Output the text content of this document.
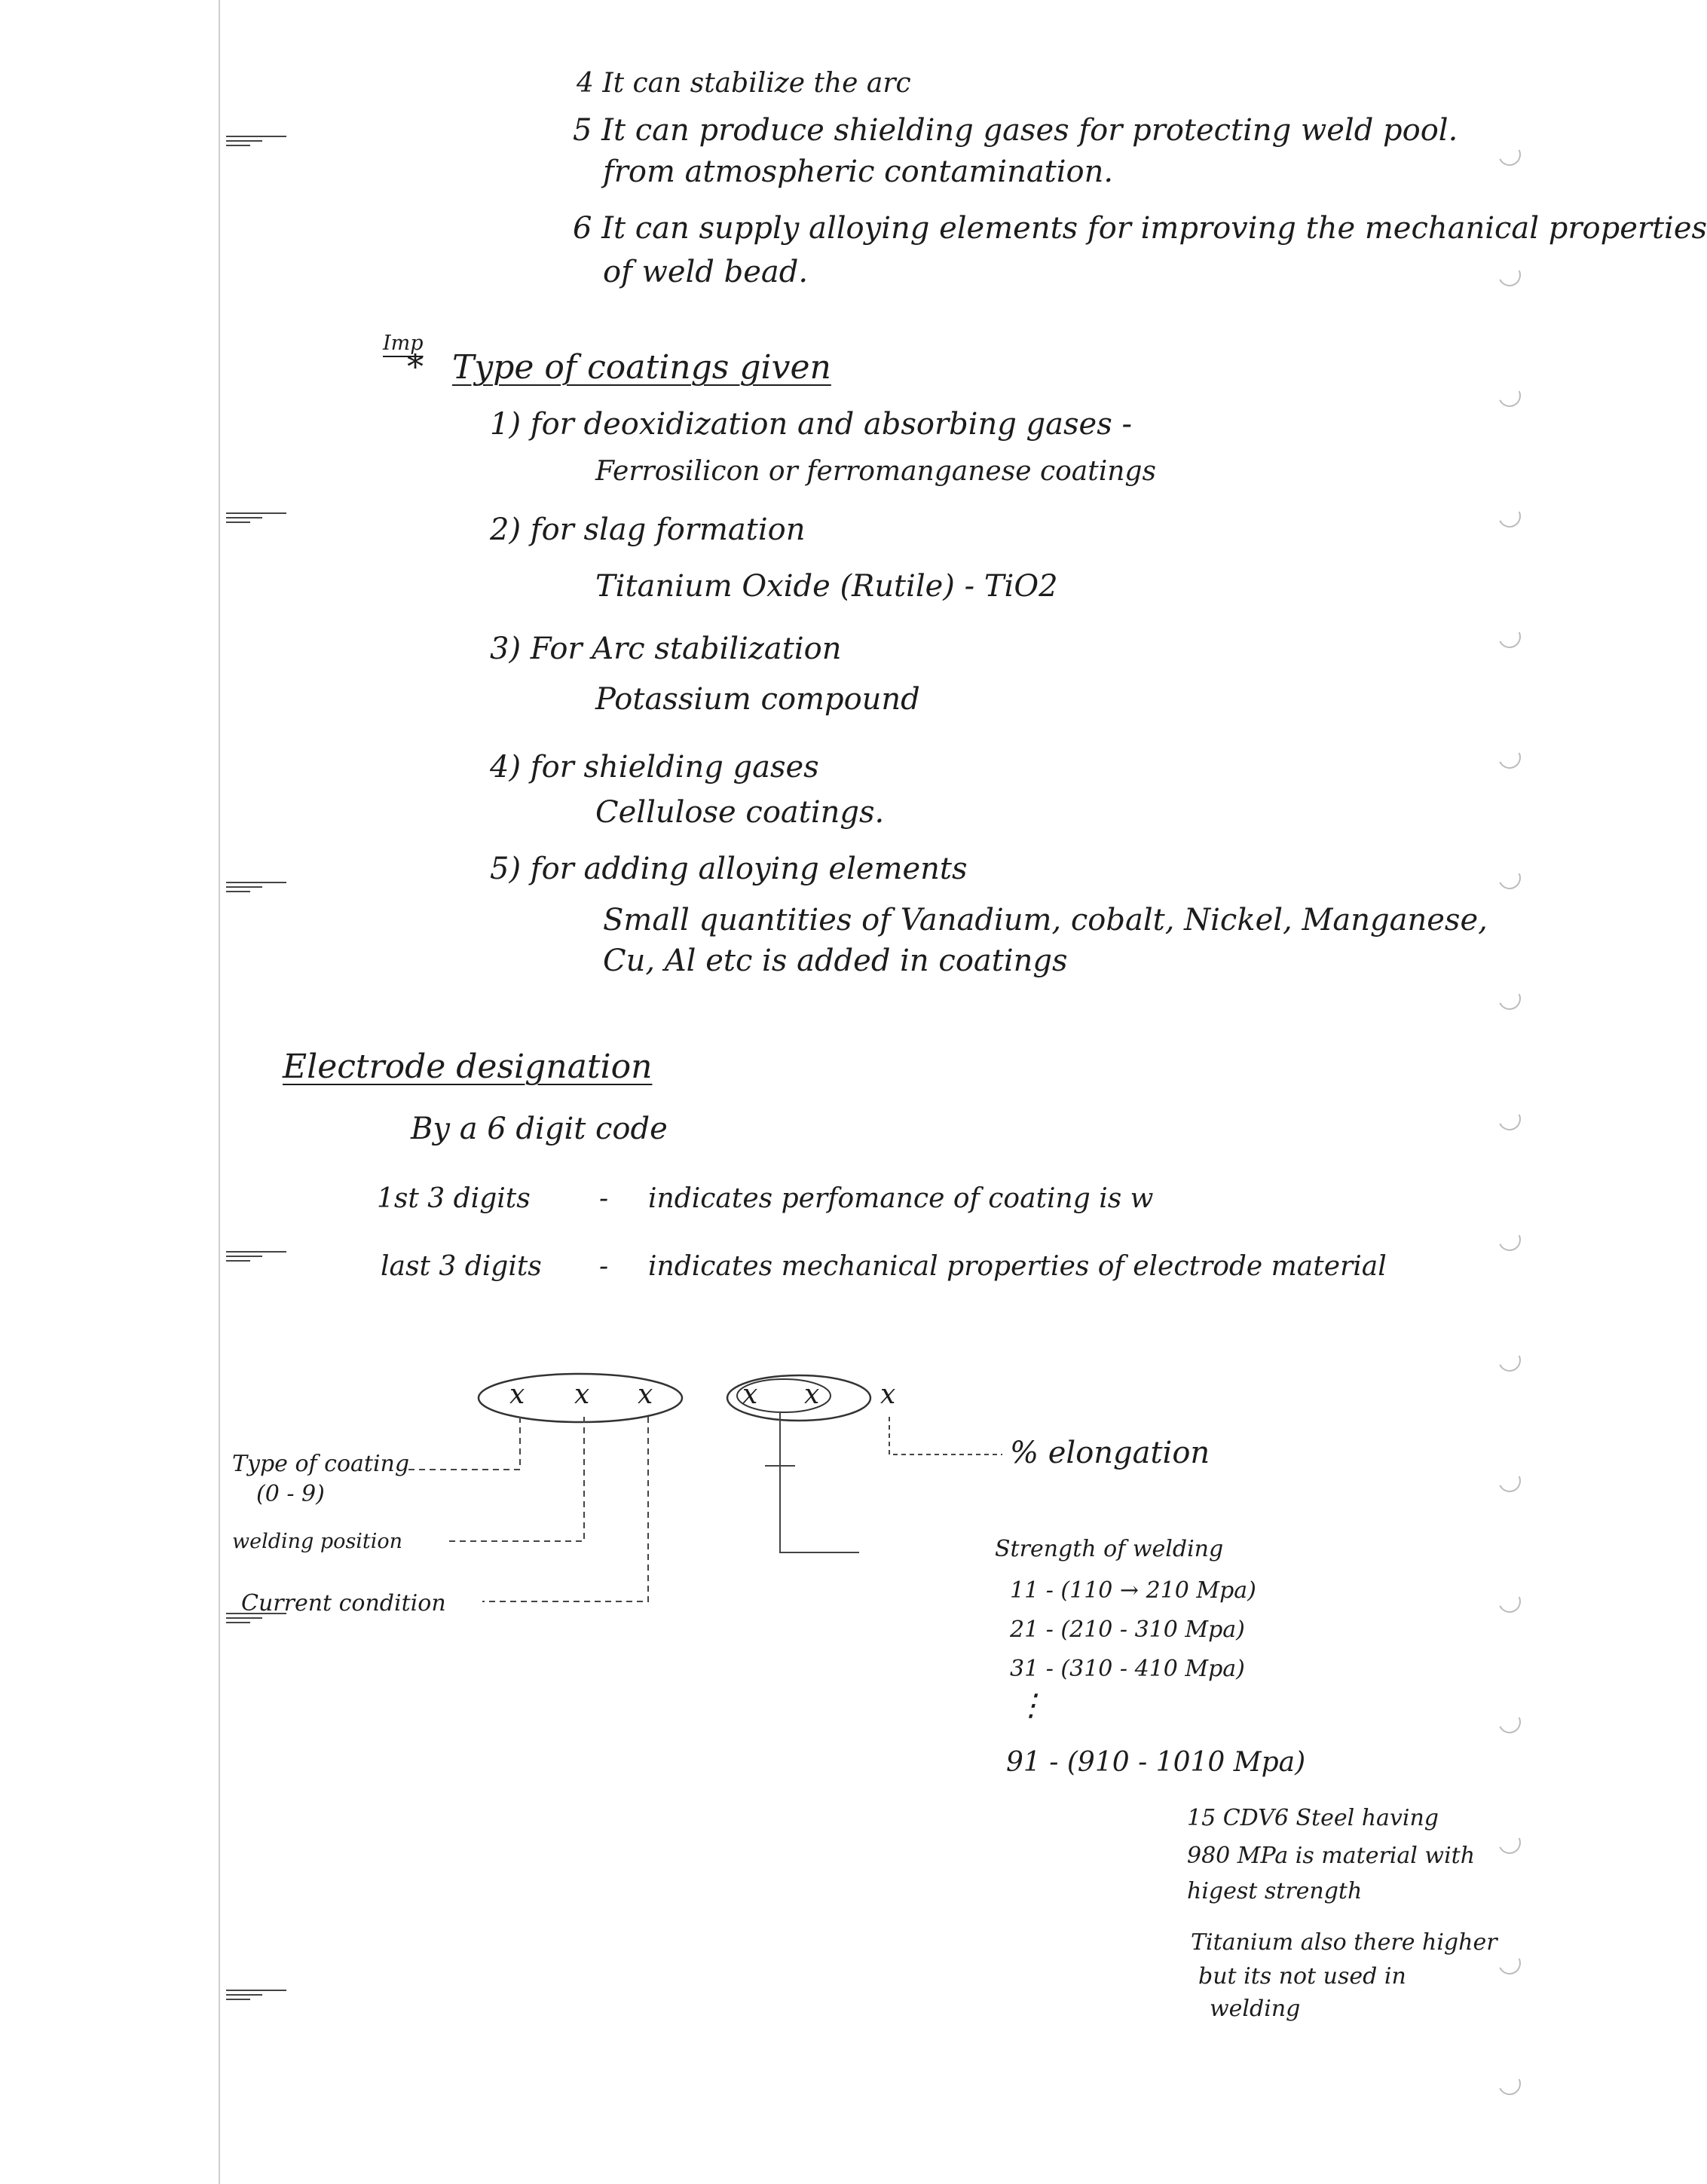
4 It can stabilize the arc
5 It can produce shielding gases for protecting weld pool.
from atmospheric contamination.
6 It can supply alloying elements for improving the mechanical properties
of weld bead.
Imp
* Type of coatings given
1) for deoxidization and absorbing gases -
Ferrosilicon or ferromanganese coatings
2) for slag formation
Titanium Oxide (Rutile) - TiO2
3) For Arc stabilization
Potassium compound
4) for shielding gases
Cellulose coatings.
5) for adding alloying elements
Small quantities of Vanadium, cobalt, Nickel, Manganese,
Cu, Al etc is added in coatings
Electrode designation
By a 6 digit code
1st 3 digits	- indicates perfomance of coating is w
last 3 digits - indicates mechanical properties of electrode material
x x x	x x x
Type of coating
(0 - 9)
welding position
Current condition
% elongation
Strength of welding
11 - (110 → 210 Mpa)
21 - (210 - 310 Mpa)
31 - (310 - 410 Mpa)
⋮
91 - (910 - 1010 Mpa)
15 CDV6 Steel having
980 MPa is material with
higest strength
Titanium also there higher
but its not used in
welding
